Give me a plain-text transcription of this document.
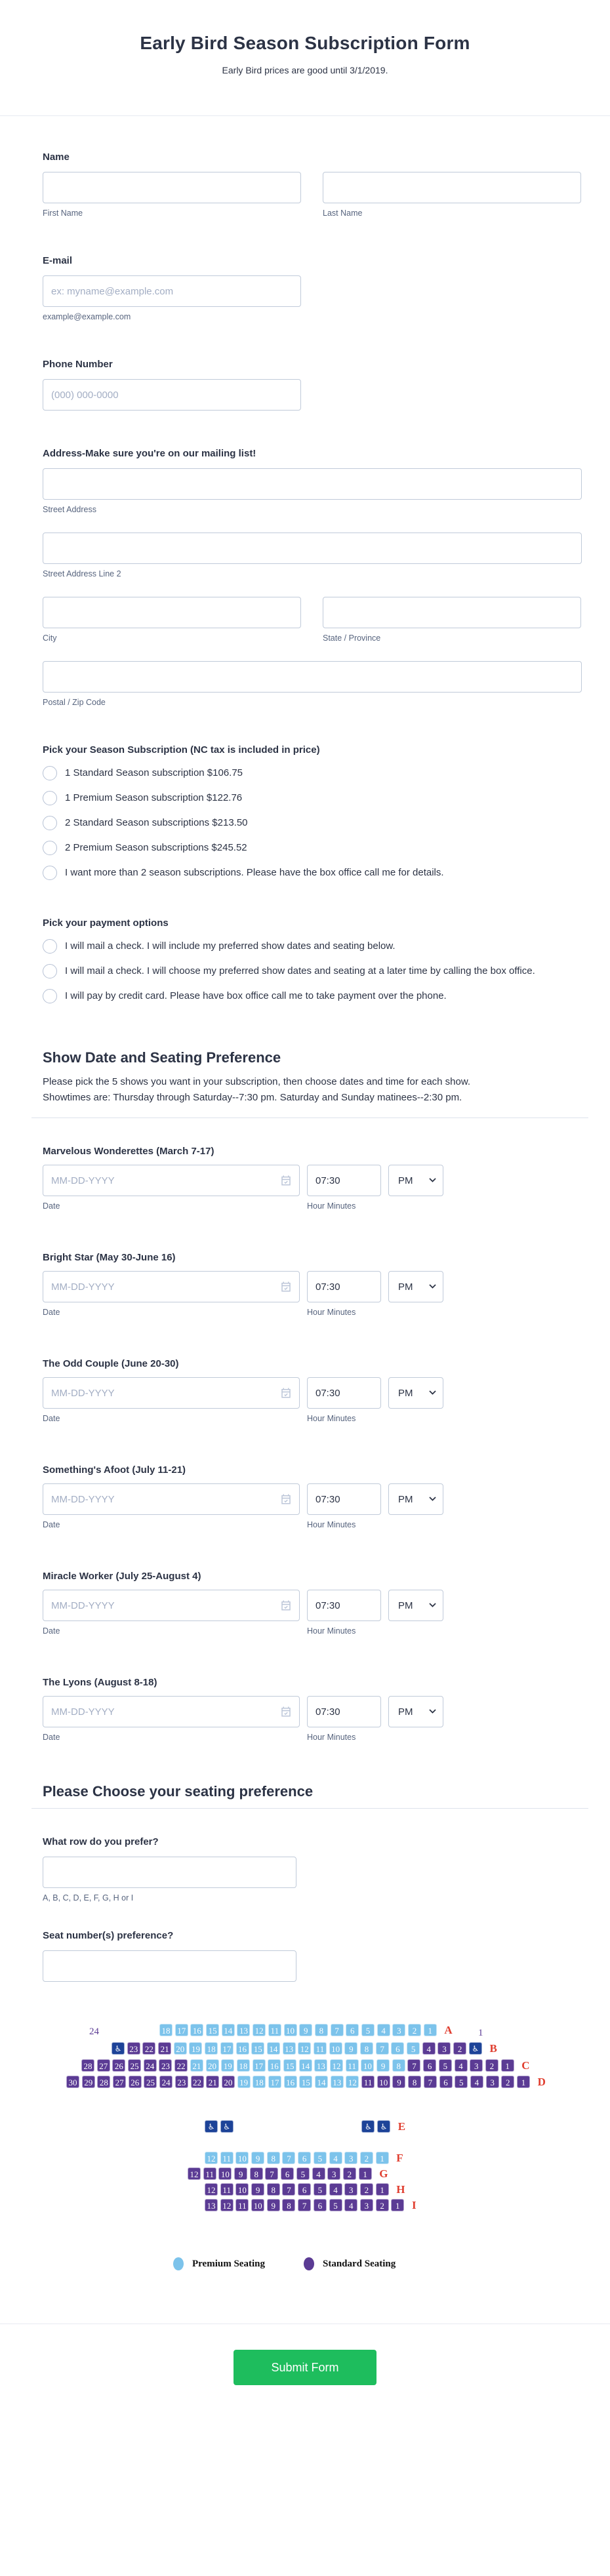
Early Bird Season Subscription Form
Early Bird prices are good until 3/1/2019.
Name
First Name	Last Name
E-mail
ex: myname@example.com
example@example.com
Phone Number
(000) 000-0000
Address-Make sure you're on our mailing list!
Street Address
Street Address Line 2
City	State / Province
Postal / Zip Code
Pick your Season Subscription (NC tax is included in price)
1 Standard Season subscription $106.75
1 Premium Season subscription $122.76
2 Standard Season subscriptions $213.50
2 Premium Season subscriptions $245.52
I want more than 2 season subscriptions. Please have the box office call me for details.
Pick your payment options
I will mail a check. I will include my preferred show dates and seating below.
I will mail a check. I will choose my preferred show dates and seating at a later time by calling the box office.
I will pay by credit card. Please have box office call me to take payment over the phone.
Show Date and Seating Preference

Please pick the 5 shows you want in your subscription, then choose dates and time for each show. Showtimes are: Thursday through Saturday--7:30 pm. Saturday and Sunday matinees--2:30 pm.

Marvelous Wonderettes (March 7-17)
MM-DD-YYYY
07:30
PM
Date	Hour Minutes
Bright Star (May 30-June 16)
MM-DD-YYYY
07:30
PM
Date	Hour Minutes
The Odd Couple (June 20-30)
MM-DD-YYYY
07:30
PM
Date	Hour Minutes
Something's Afoot (July 11-21)
MM-DD-YYYY
07:30
PM
Date	Hour Minutes
Miracle Worker (July 25-August 4)
MM-DD-YYYY
07:30
PM
Date	Hour Minutes
The Lyons (August 8-18)
MM-DD-YYYY
07:30
PM
Date	Hour Minutes
Please Choose your seating preference
What row do you prefer?
A, B, C, D, E, F, G, H or I
Seat number(s) preference?
Premium Seating	Standard Seating
18 17 16 15 14 13 12 11 10	9	8	7	6	5	4	3	2	1	A
♿ 23 22 21 20 19 18 17 16 15 14 13 12 11 10	9	8	7	6	5	4	3	2	♿ B
28 27 26 25 24 23 22 21 20 19 18 17 16 15 14 13 12 11 10	9	8	7	6	5	4	3	2	1	C
30 29 28 27 26 25 24 23 22 21 20 19 18 17 16 15 14 13 12 11 10	9	8	7	6	5	4	3	2	1	D
♿	♿	♿	♿ E
12 11 10	9	8	7	6	5	4	3	2	1	F
12 11 10	9	8	7	6	5	4	3	2	1	G
12 11 10	9	8	7	6	5	4	3	2	1	H
13 12 11 10	9	8	7	6	5	4	3	2	1	I
24	1
Submit Form
